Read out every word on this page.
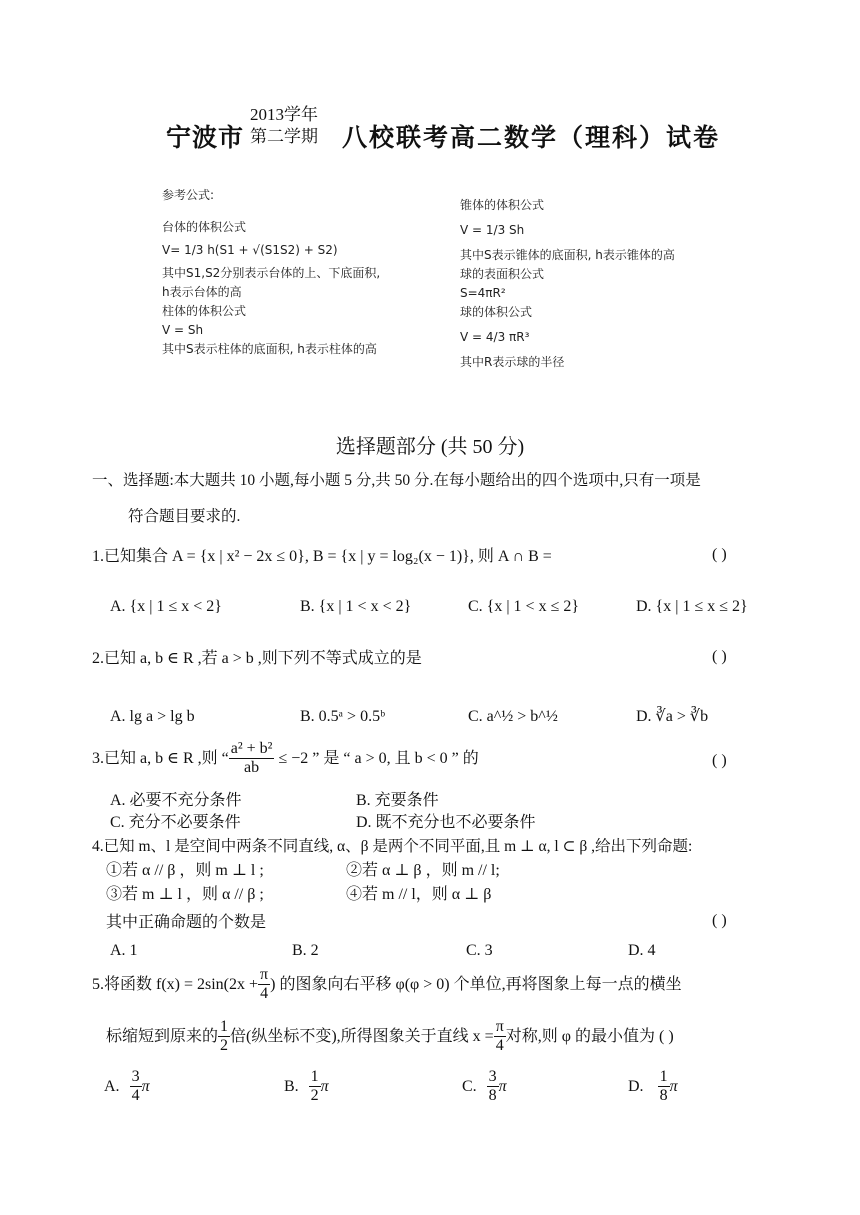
宁波市
2013学年
第二学期 八校联考高二数学（理科）试卷
参考公式:
台体的体积公式
V= 1/3 h(S1 + √(S1S2) + S2)
其中S1,S2分别表示台体的上、下底面积,
h表示台体的高
柱体的体积公式
V = Sh
其中S表示柱体的底面积, h表示柱体的高
锥体的体积公式
V = 1/3 Sh
其中S表示锥体的底面积, h表示锥体的高
球的表面积公式
S=4πR²
球的体积公式
V = 4/3 πR³
其中R表示球的半径
选择题部分 (共 50 分)
一、选择题:本大题共 10 小题,每小题 5 分,共 50 分.在每小题给出的四个选项中,只有一项是
符合题目要求的.
1.已知集合 A = {x | x² − 2x ≤ 0}, B = {x | y = log₂(x − 1)}, 则 A ∩ B =	( )
A. {x | 1 ≤ x < 2}	B. {x | 1 < x < 2}	C. {x | 1 < x ≤ 2}	D. {x | 1 ≤ x ≤ 2}
2.已知 a, b ∈ R ,若 a > b ,则下列不等式成立的是	( )
A. lg a > lg b	B. 0.5ᵃ > 0.5ᵇ	C. a^½ > b^½	D. ∛a > ∛b
3.已知 a, b ∈ R ,则 “ $\frac{\text{a² + b²}}{ab} \le -2$ ” 是 “ a > 0, 且 b < 0 ” 的	( )
A. 必要不充分条件	B. 充要条件
C. 充分不必要条件	D. 既不充分也不必要条件
4.已知 m、l 是空间中两条不同直线, α、β 是两个不同平面,且 m ⊥ α, l ⊂ β ,给出下列命题:
①若 α // β ，则 m ⊥ l ;	②若 α ⊥ β ，则 m // l;
③若 m ⊥ l ，则 α // β ;	④若 m // l，则 α ⊥ β
其中正确命题的个数是	( )
A. 1	B. 2	C. 3	D. 4
5.将函数 $f(x) = 2\sin(2x + \frac{\pi}{4}$ ) 的图象向右平移 φ(φ > 0) 个单位,再将图象上每一点的横坐
标缩短到原来的 $\frac{1}{2}$ 倍(纵坐标不变),所得图象关于直线 $x = \frac{\pi}{4}$ 对称,则 φ 的最小值为 ( )
A. $\frac{3}{4}$ π	B. $\frac{1}{2}$ π	C. $\frac{3}{8}$ π	D. $\frac{1}{8}$ π
